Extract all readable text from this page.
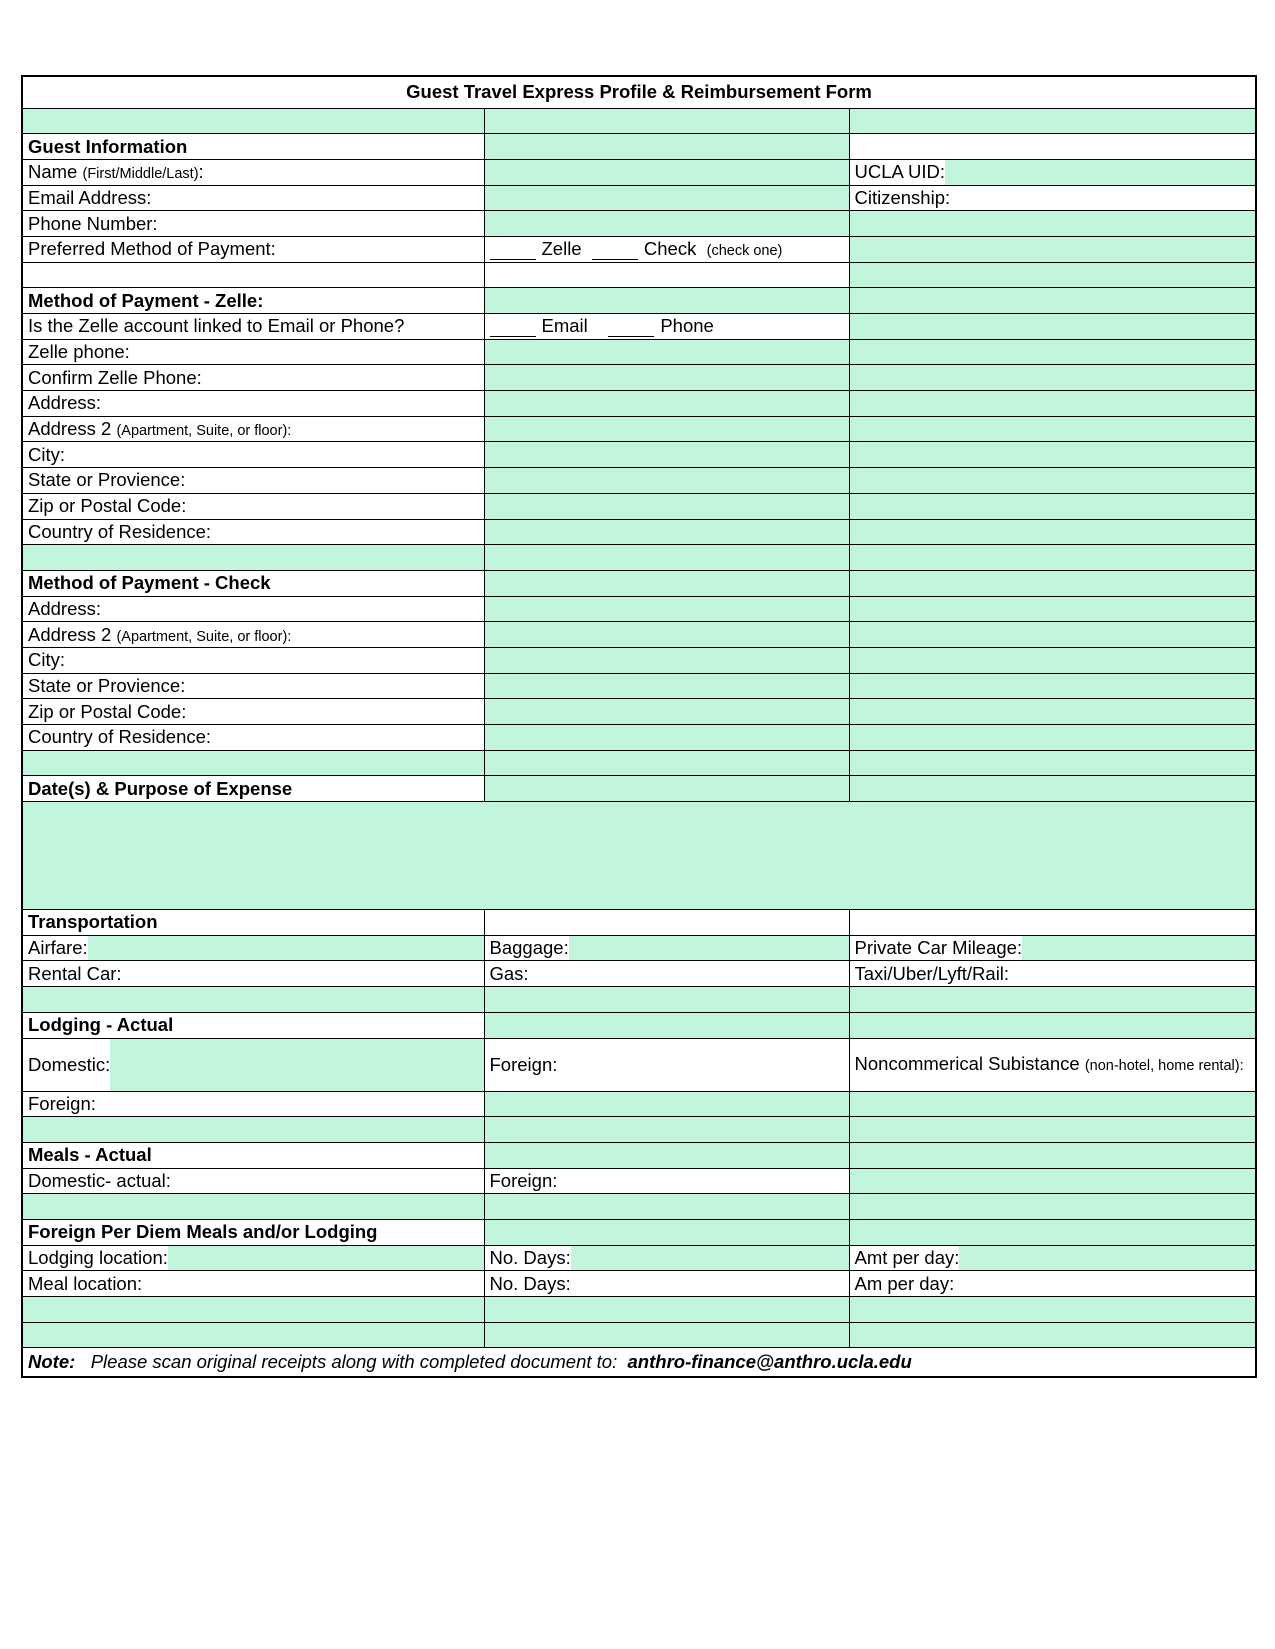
Guest Travel Express Profile & Reimbursement Form		

Guest Information		
Name (First/Middle/Last):		UCLA UID:

Email Address:		Citizenship:
Phone Number:		
Preferred Method of Payment:	Zelle Check (check one)	

Method of Payment - Zelle:		
Is the Zelle account linked to Email or Phone?	Email Phone	
Zelle phone:		
Confirm Zelle Phone:		
Address:		
Address 2 (Apartment, Suite, or floor):		
City:		
State or Provience:		
Zip or Postal Code:		
Country of Residence:		

Method of Payment - Check		
Address:		
Address 2 (Apartment, Suite, or floor):		
City:		
State or Provience:		
Zip or Postal Code:		
Country of Residence:		

Date(s) & Purpose of Expense		

Transportation		

Airfare:	Baggage:	Private Car Mileage:

Rental Car:	Gas:	Taxi/Uber/Lyft/Rail:

Lodging - Actual		

Domestic:	Foreign:	Noncommerical Subistance (non-hotel, home rental):
Foreign:		

Meals - Actual		
Domestic- actual:	Foreign:	

Foreign Per Diem Meals and/or Lodging		

Lodging location:	No. Days:	Amt per day:

Meal location:	No. Days:	Am per day:

Note: Please scan original receipts along with completed document to: anthro-finance@anthro.ucla.edu		
